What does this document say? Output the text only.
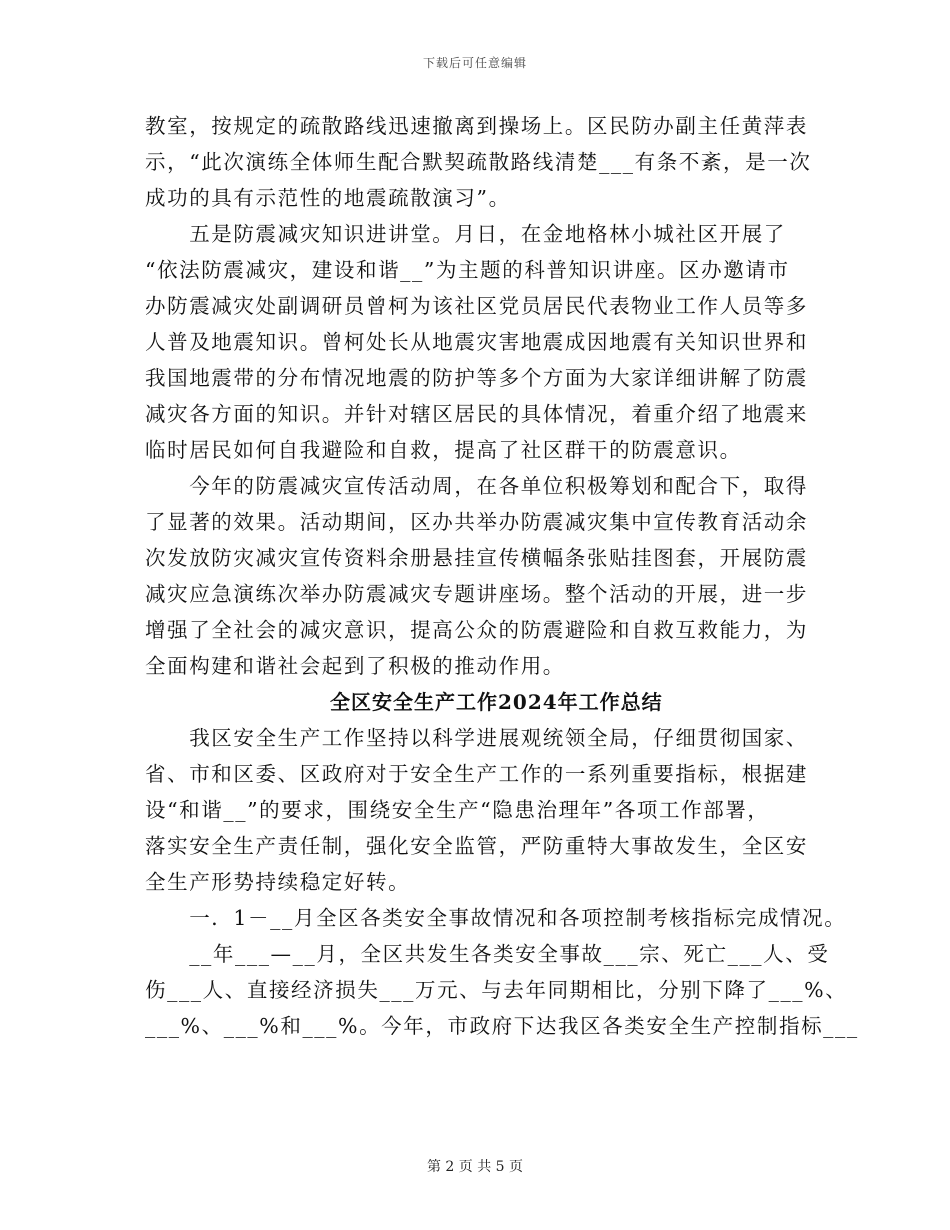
下载后可任意编辑
教室，按规定的疏散路线迅速撤离到操场上。区民防办副主任黄萍表
示，“此次演练全体师生配合默契疏散路线清楚___有条不紊，是一次
成功的具有示范性的地震疏散演习”。
　　五是防震减灾知识进讲堂。月日，在金地格林小城社区开展了
“依法防震减灾，建设和谐__”为主题的科普知识讲座。区办邀请市
办防震减灾处副调研员曾柯为该社区党员居民代表物业工作人员等多
人普及地震知识。曾柯处长从地震灾害地震成因地震有关知识世界和
我国地震带的分布情况地震的防护等多个方面为大家详细讲解了防震
减灾各方面的知识。并针对辖区居民的具体情况，着重介绍了地震来
临时居民如何自我避险和自救，提高了社区群干的防震意识。
　　今年的防震减灾宣传活动周，在各单位积极筹划和配合下，取得
了显著的效果。活动期间，区办共举办防震减灾集中宣传教育活动余
次发放防灾减灾宣传资料余册悬挂宣传横幅条张贴挂图套，开展防震
减灾应急演练次举办防震减灾专题讲座场。整个活动的开展，进一步
增强了全社会的减灾意识，提高公众的防震避险和自救互救能力，为
全面构建和谐社会起到了积极的推动作用。
全区安全生产工作2024年工作总结
　　我区安全生产工作坚持以科学进展观统领全局，仔细贯彻国家、
省、市和区委、区政府对于安全生产工作的一系列重要指标，根据建
设“和谐__”的要求，围绕安全生产“隐患治理年”各项工作部署，
落实安全生产责任制，强化安全监管，严防重特大事故发生，全区安
全生产形势持续稳定好转。
　　一．1－__月全区各类安全事故情况和各项控制考核指标完成情况。
　　__年___—__月，全区共发生各类安全事故___宗、死亡___人、受
伤___人、直接经济损失___万元、与去年同期相比，分别下降了___%、
___%、___%和___%。今年，市政府下达我区各类安全生产控制指标___
第 2 页 共 5 页
